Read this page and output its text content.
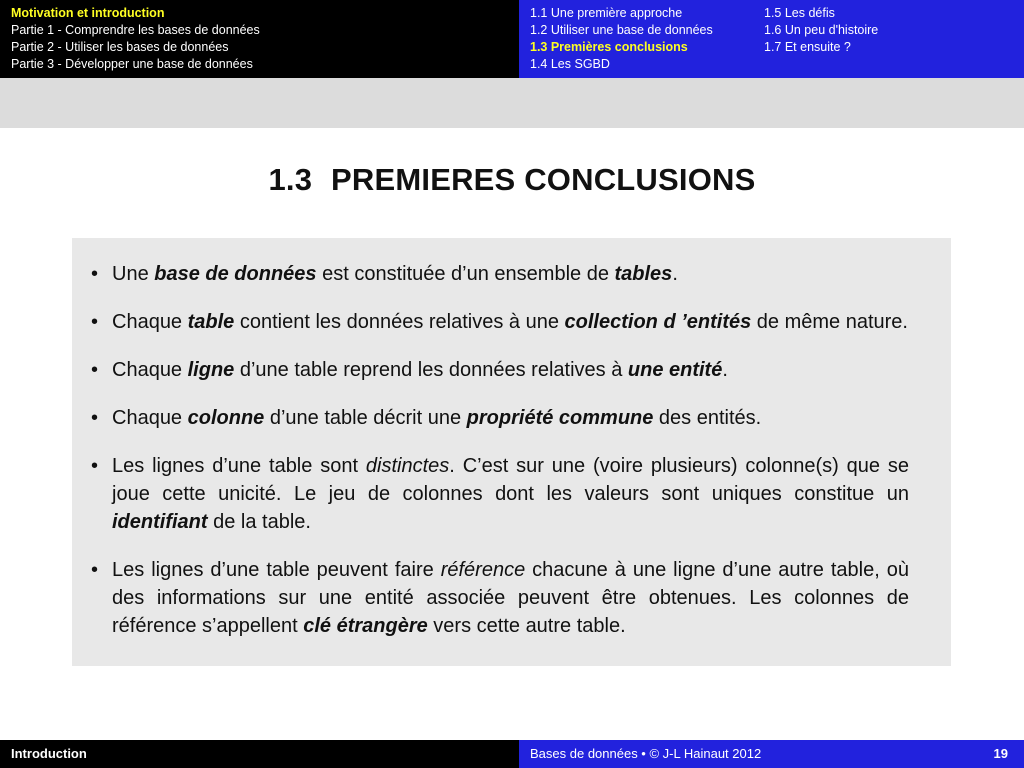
Motivation et introduction
Partie 1 - Comprendre les bases de données
Partie 2 - Utiliser les bases de données
Partie 3 - Développer une base de données
1.1 Une première approche
1.2 Utiliser une base de données
1.3 Premières conclusions
1.4 Les SGBD
1.5 Les défis
1.6 Un peu d'histoire
1.7 Et ensuite ?
1.3 PREMIERES CONCLUSIONS
• Une base de données est constituée d’un ensemble de tables.
• Chaque table contient les données relatives à une collection d ’entités de même nature.
• Chaque ligne d’une table reprend les données relatives à une entité.
• Chaque colonne d’une table décrit une propriété commune des entités.
• Les lignes d’une table sont distinctes. C’est sur une (voire plusieurs) colonne(s) que se joue cette unicité. Le jeu de colonnes dont les valeurs sont uniques constitue un identifiant de la table.
• Les lignes d’une table peuvent faire référence chacune à une ligne d’une autre table, où des informations sur une entité associée peuvent être obtenues. Les colonnes de référence s’appellent clé étrangère vers cette autre table.
Introduction	Bases de données • © J-L Hainaut 2012	19
